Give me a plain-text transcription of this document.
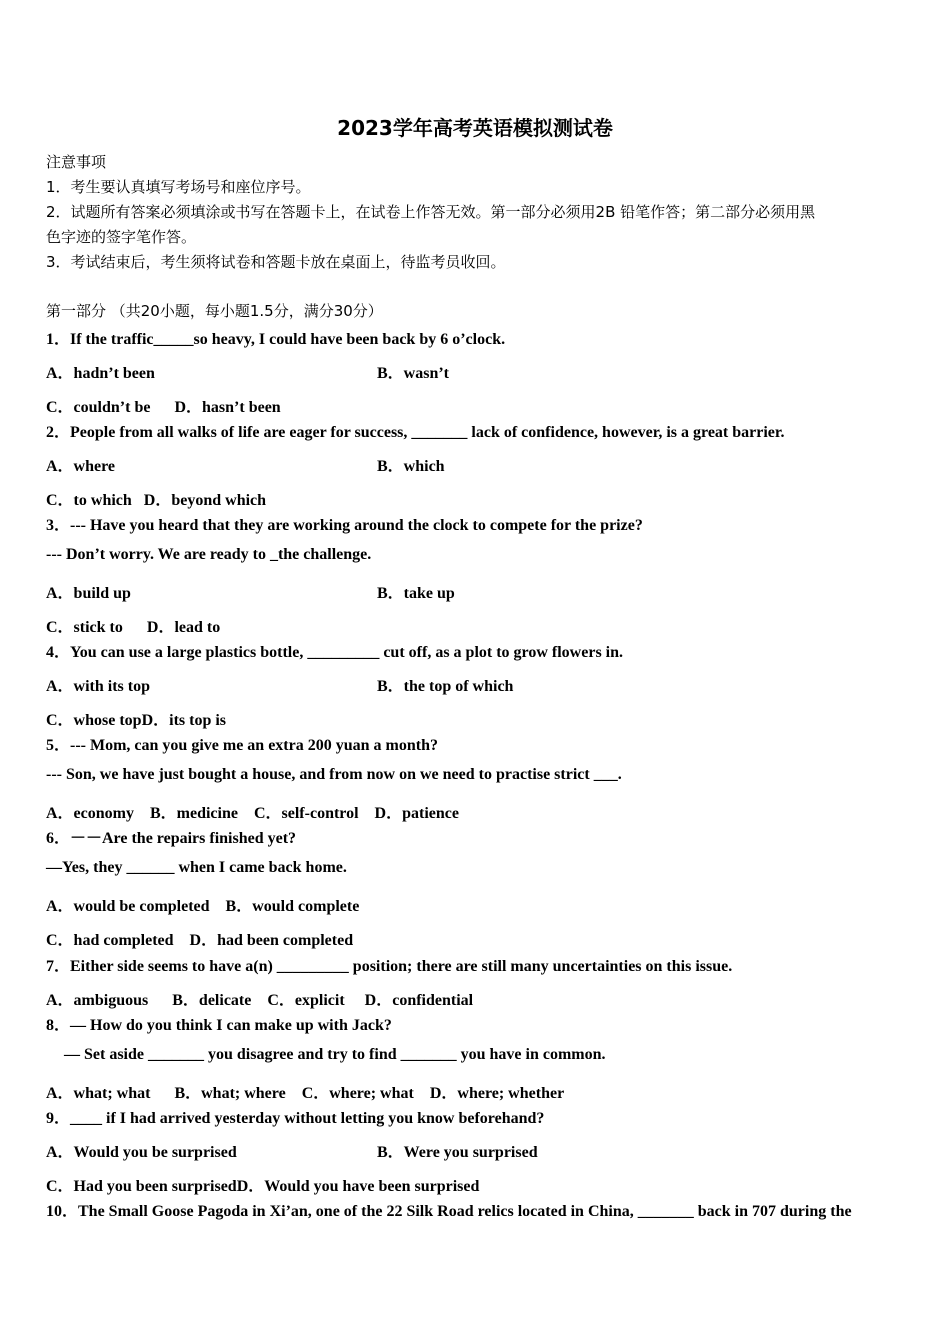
2023学年高考英语模拟测试卷
注意事项
1．考生要认真填写考场号和座位序号。
2．试题所有答案必须填涂或书写在答题卡上，在试卷上作答无效。第一部分必须用2B 铅笔作答；第二部分必须用黑
色字迹的签字笔作答。
3．考试结束后，考生须将试卷和答题卡放在桌面上，待监考员收回。
第一部分 （共20小题，每小题1.5分，满分30分）
1．If the traffic_____so heavy, I could have been back by 6 o’clock.
A．hadn’t been	B．wasn’t
C．couldn’t be      D．hasn’t been
2．People from all walks of life are eager for success, _______ lack of confidence, however, is a great barrier.
A．where	B．which
C．to which   D．beyond which
3．--- Have you heard that they are working around the clock to compete for the prize?
--- Don’t worry. We are ready to _the challenge.
A．build up	B．take up
C．stick to      D．lead to
4．You can use a large plastics bottle, _________ cut off, as a plot to grow flowers in.
A．with its top	B．the top of which
C．whose topD．its top is
5．--- Mom, can you give me an extra 200 yuan a month?
--- Son, we have just bought a house, and from now on we need to practise strict ___.
A．economy    B．medicine    C．self-control    D．patience
6．－－Are the repairs finished yet?
—Yes, they ______ when I came back home.
A．would be completed    B．would complete
C．had completed    D．had been completed
7．Either side seems to have a(n) _________ position; there are still many uncertainties on this issue.
A．ambiguous      B．delicate    C．explicit     D．confidential
8．— How do you think I can make up with Jack?
— Set aside _______ you disagree and try to find _______ you have in common.
A．what; what      B．what; where    C．where; what    D．where; whether
9．____ if I had arrived yesterday without letting you know beforehand?
A．Would you be surprised	B．Were you surprised
C．Had you been surprisedD．Would you have been surprised
10．The Small Goose Pagoda in Xi’an, one of the 22 Silk Road relics located in China, _______ back in 707 during the
